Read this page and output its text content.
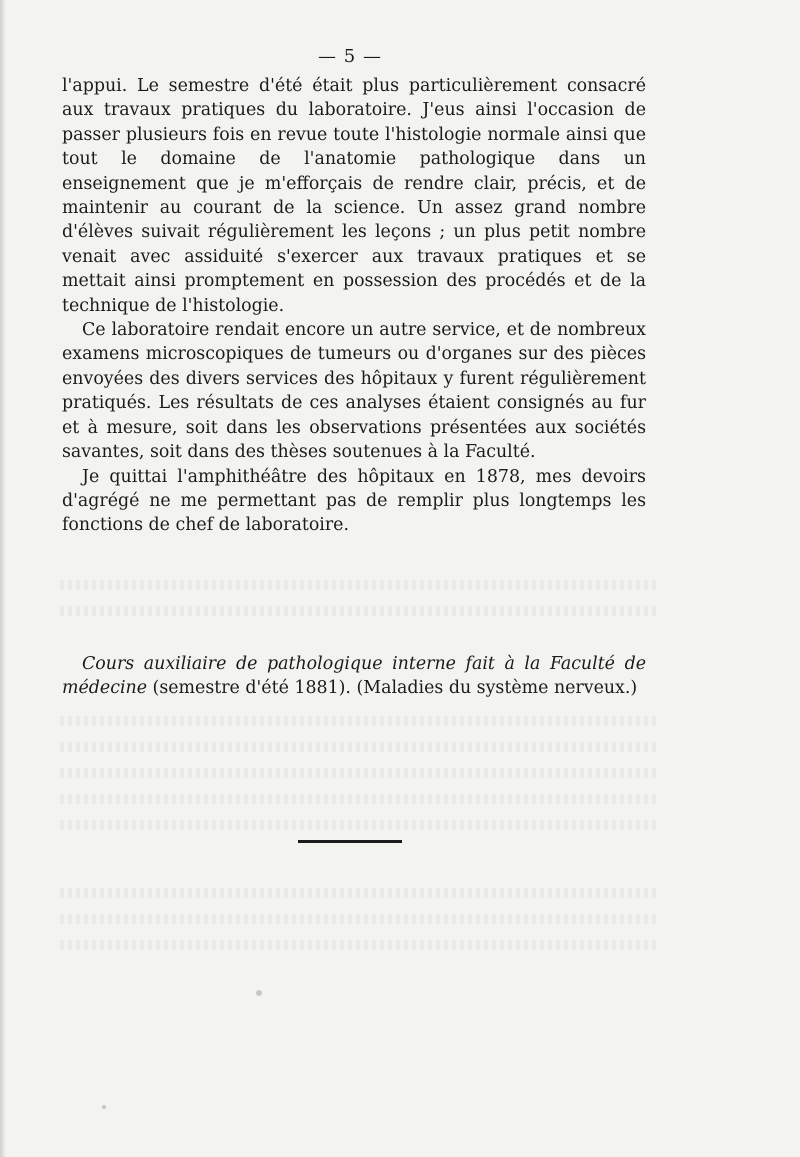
— 5 —

l'appui. Le semestre d'été était plus particulièrement consacré aux travaux pratiques du laboratoire. J'eus ainsi l'occasion de passer plusieurs fois en revue toute l'histologie normale ainsi que tout le domaine de l'anatomie pathologique dans un enseignement que je m'efforçais de rendre clair, précis, et de maintenir au courant de la science. Un assez grand nombre d'élèves suivait régulièrement les leçons ; un plus petit nombre venait avec assiduité s'exercer aux travaux pratiques et se mettait ainsi promptement en possession des procédés et de la technique de l'histologie.

Ce laboratoire rendait encore un autre service, et de nombreux examens microscopiques de tumeurs ou d'organes sur des pièces envoyées des divers services des hôpitaux y furent régulièrement pratiqués. Les résultats de ces analyses étaient consignés au fur et à mesure, soit dans les observations présentées aux sociétés savantes, soit dans des thèses soutenues à la Faculté.

Je quittai l'amphithéâtre des hôpitaux en 1878, mes devoirs d'agrégé ne me permettant pas de remplir plus longtemps les fonctions de chef de laboratoire.

Cours auxiliaire de pathologique interne fait à la Faculté de médecine (semestre d'été 1881). (Maladies du système nerveux.)
